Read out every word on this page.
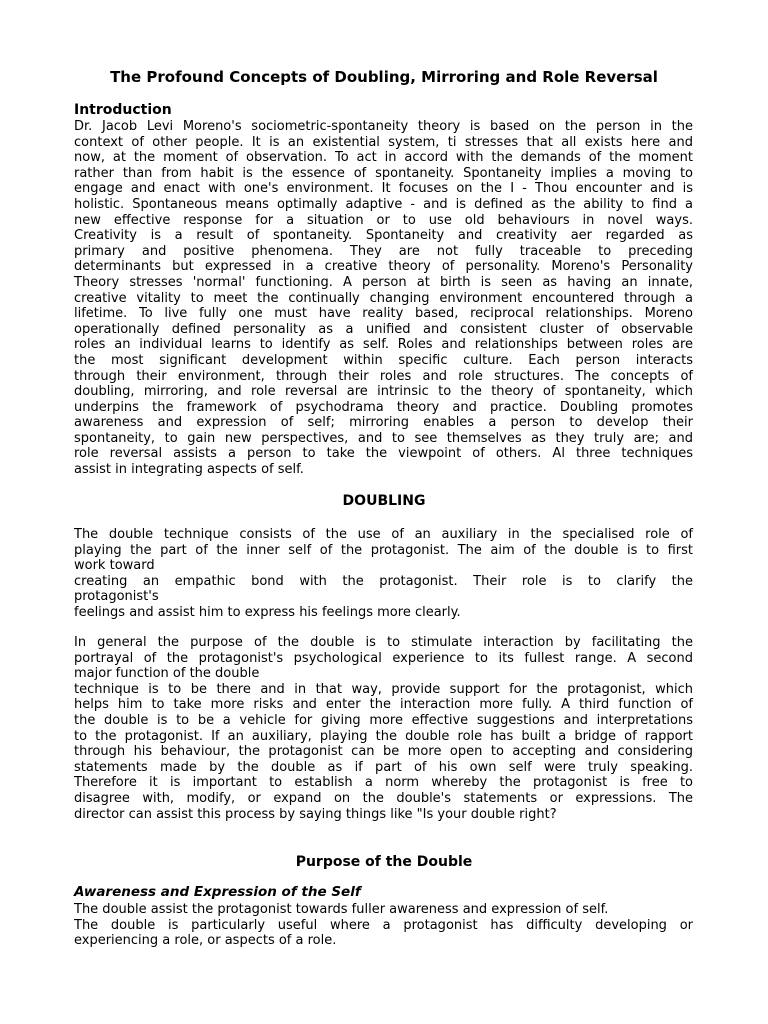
The Profound Concepts of Doubling, Mirroring and Role Reversal
Introduction
Dr. Jacob Levi Moreno's sociometric-spontaneity theory is based on the person in the
context of other people. It is an existential system, ti stresses that all exists here and
now, at the moment of observation. To act in accord with the demands of the moment
rather than from habit is the essence of spontaneity. Spontaneity implies a moving to
engage and enact with one's environment. It focuses on the I - Thou encounter and is
holistic. Spontaneous means optimally adaptive - and is defined as the ability to find a
new effective response for a situation or to use old behaviours in novel ways.
Creativity is a result of spontaneity. Spontaneity and creativity aer regarded as
primary and positive phenomena. They are not fully traceable to preceding
determinants but expressed in a creative theory of personality. Moreno's Personality
Theory stresses 'normal' functioning. A person at birth is seen as having an innate,
creative vitality to meet the continually changing environment encountered through a
lifetime. To live fully one must have reality based, reciprocal relationships. Moreno
operationally defined personality as a unified and consistent cluster of observable
roles an individual learns to identify as self. Roles and relationships between roles are
the most significant development within specific culture. Each person interacts
through their environment, through their roles and role structures. The concepts of
doubling, mirroring, and role reversal are intrinsic to the theory of spontaneity, which
underpins the framework of psychodrama theory and practice. Doubling promotes
awareness and expression of self; mirroring enables a person to develop their
spontaneity, to gain new perspectives, and to see themselves as they truly are; and
role reversal assists a person to take the viewpoint of others. Al three techniques
assist in integrating aspects of self.
DOUBLING
The double technique consists of the use of an auxiliary in the specialised role of
playing the part of the inner self of the protagonist. The aim of the double is to first
work toward
creating an empathic bond with the protagonist. Their role is to clarify the
protagonist's
feelings and assist him to express his feelings more clearly.
In general the purpose of the double is to stimulate interaction by facilitating the
portrayal of the protagonist's psychological experience to its fullest range. A second
major function of the double
technique is to be there and in that way, provide support for the protagonist, which
helps him to take more risks and enter the interaction more fully. A third function of
the double is to be a vehicle for giving more effective suggestions and interpretations
to the protagonist. If an auxiliary, playing the double role has built a bridge of rapport
through his behaviour, the protagonist can be more open to accepting and considering
statements made by the double as if part of his own self were truly speaking.
Therefore it is important to establish a norm whereby the protagonist is free to
disagree with, modify, or expand on the double's statements or expressions. The
director can assist this process by saying things like "Is your double right?
Purpose of the Double
Awareness and Expression of the Self
The double assist the protagonist towards fuller awareness and expression of self.
The double is particularly useful where a protagonist has difficulty developing or
experiencing a role, or aspects of a role.
